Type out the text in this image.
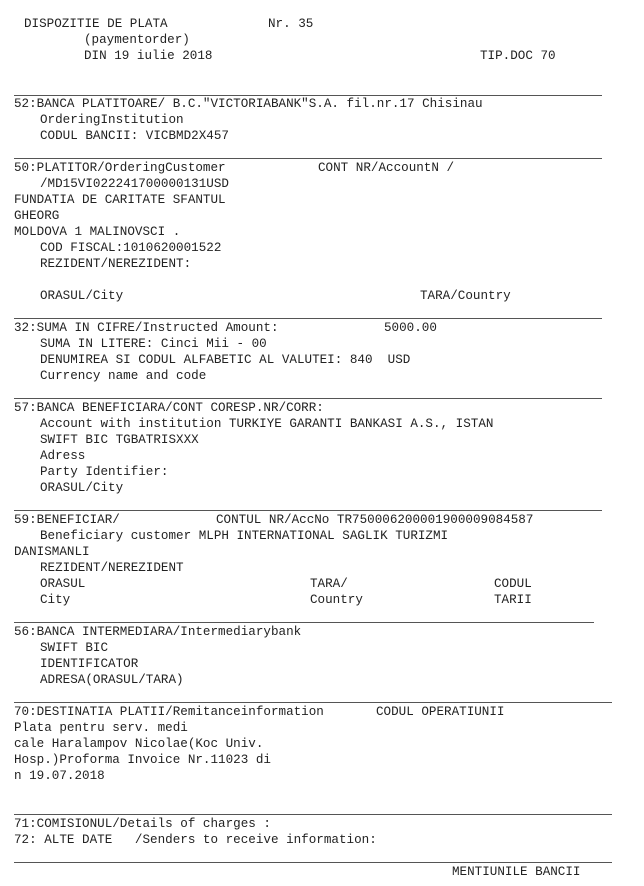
DISPOZITIE DE PLATA	Nr. 35
(paymentorder)
DIN 19 iulie 2018	TIP.DOC 70
52:BANCA PLATITOARE/ B.C."VICTORIABANK"S.A. fil.nr.17 Chisinau
OrderingInstitution
CODUL BANCII: VICBMD2X457
50:PLATITOR/OrderingCustomer	CONT NR/AccountN /
/MD15VI022241700000131USD
FUNDATIA DE CARITATE SFANTUL
GHEORG
MOLDOVA 1 MALINOVSCI .
COD FISCAL:1010620001522
REZIDENT/NEREZIDENT:
ORASUL/City	TARA/Country
32:SUMA IN CIFRE/Instructed Amount:	5000.00
SUMA IN LITERE: Cinci Mii - 00
DENUMIREA SI CODUL ALFABETIC AL VALUTEI: 840  USD
Currency name and code
57:BANCA BENEFICIARA/CONT CORESP.NR/CORR:
Account with institution TURKIYE GARANTI BANKASI A.S., ISTAN
SWIFT BIC TGBATRISXXX
Adress
Party Identifier:
ORASUL/City
59:BENEFICIAR/	CONTUL NR/AccNo TR750006200001900009084587
Beneficiary customer MLPH INTERNATIONAL SAGLIK TURIZMI
DANISMANLI
REZIDENT/NEREZIDENT
ORASUL	TARA/	CODUL
City	Country	TARII
56:BANCA INTERMEDIARA/Intermediarybank
SWIFT BIC
IDENTIFICATOR
ADRESA(ORASUL/TARA)
70:DESTINATIA PLATII/Remitanceinformation	CODUL OPERATIUNII
Plata pentru serv. medi
cale Haralampov Nicolae(Koc Univ.
Hosp.)Proforma Invoice Nr.11023 di
n 19.07.2018
71:COMISIONUL/Details of charges :
72: ALTE DATE   /Senders to receive information:
MENTIUNILE BANCII
